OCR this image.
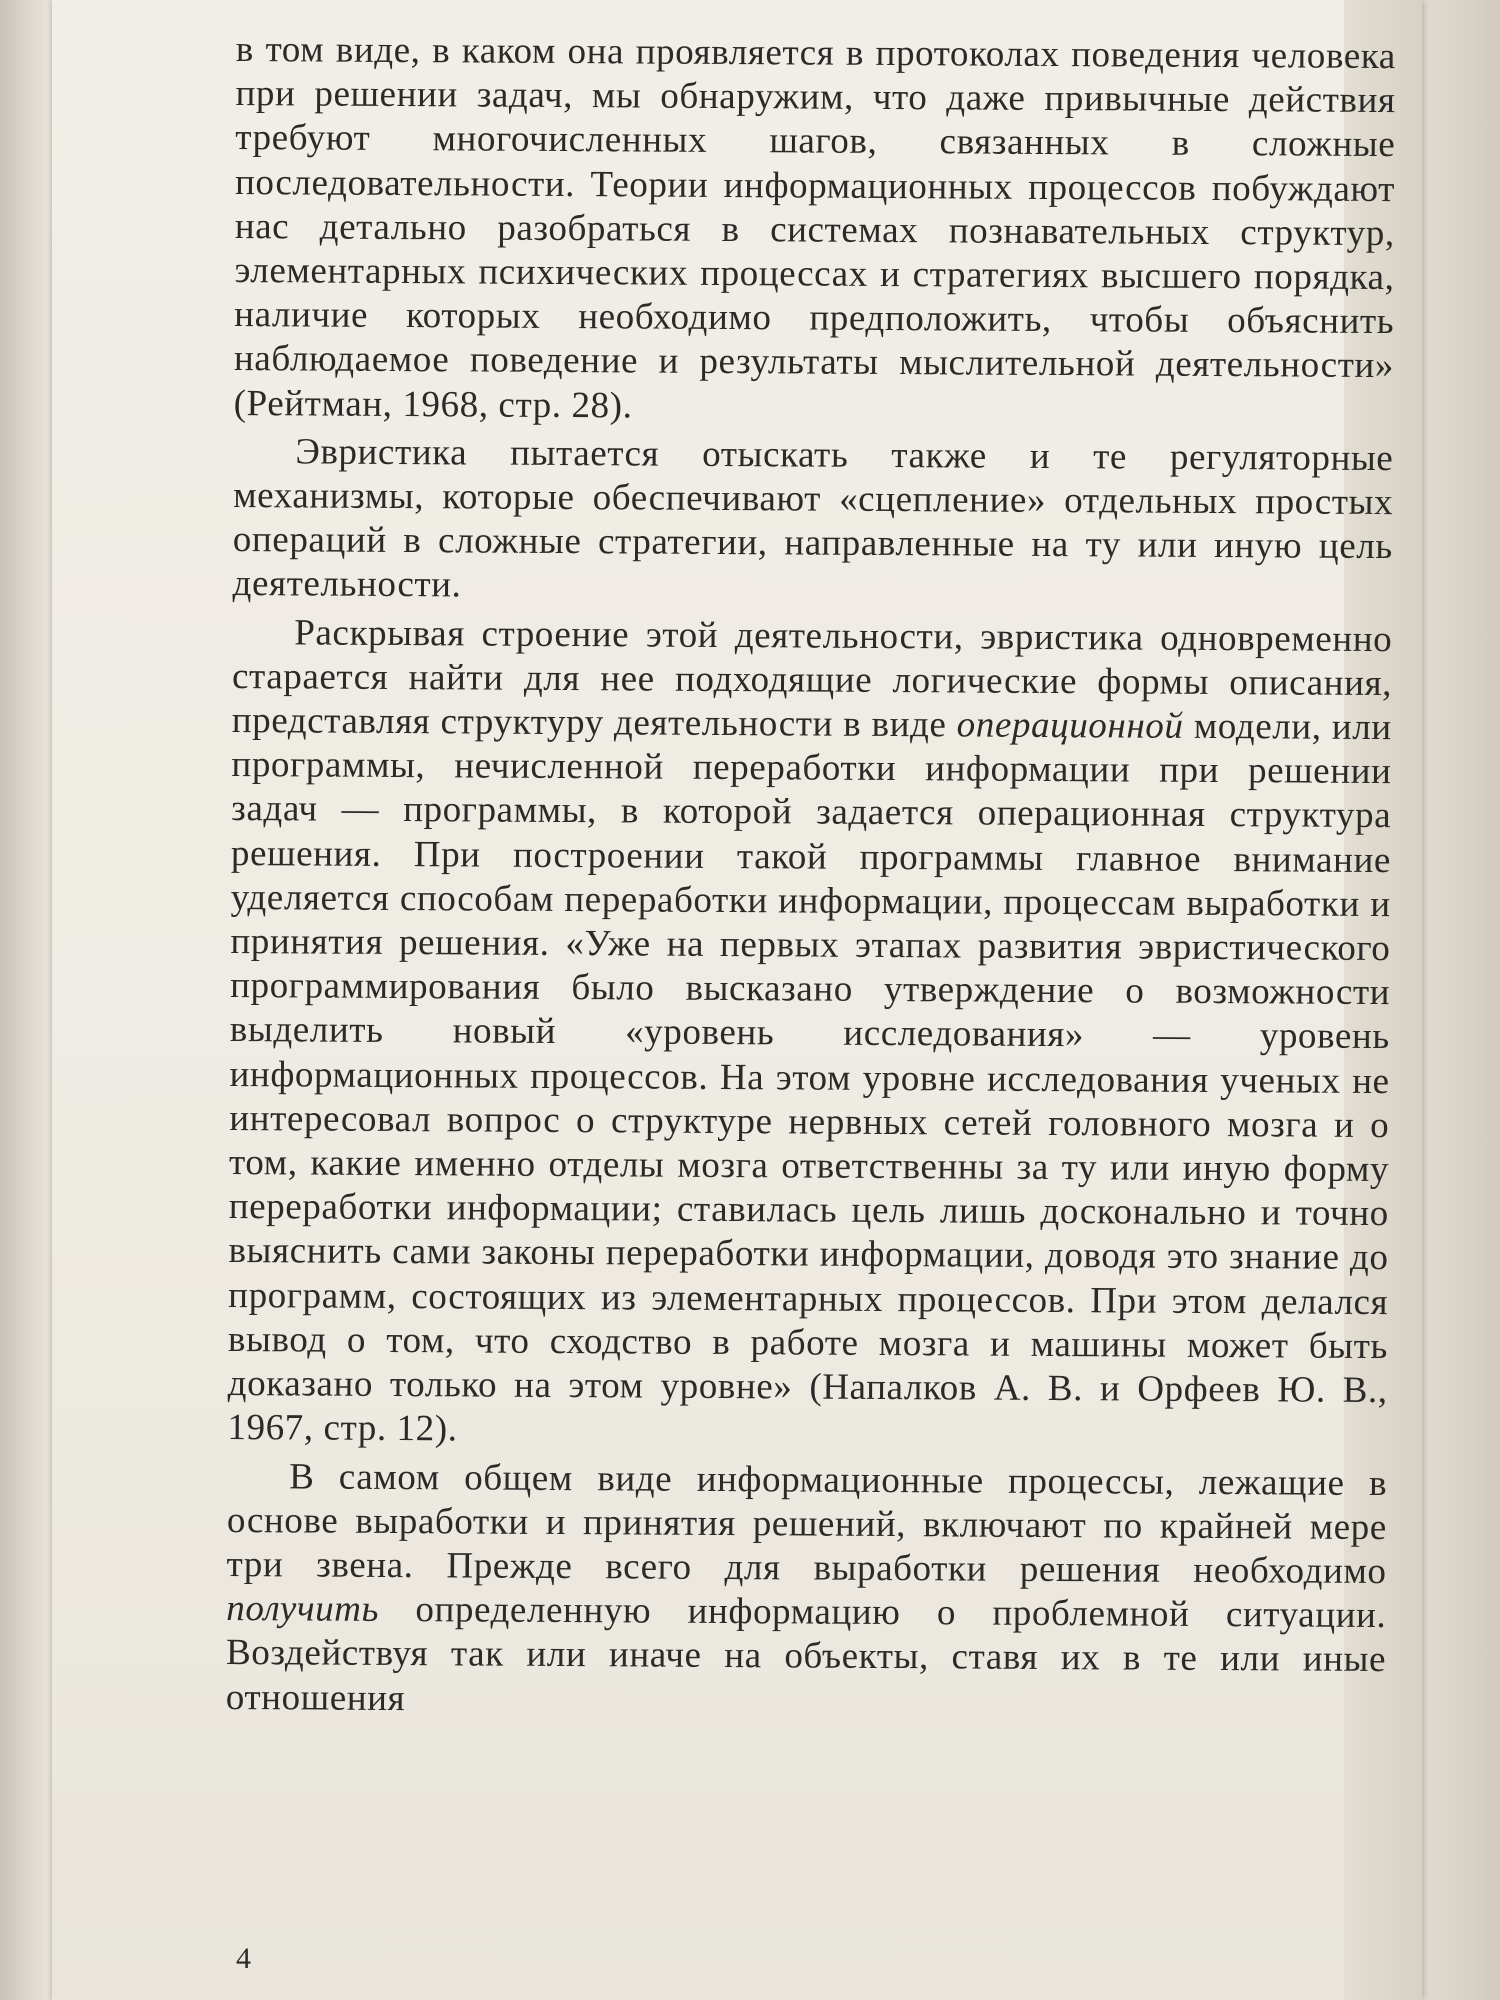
в том виде, в каком она проявляется в протоколах поведения человека при решении задач, мы обнаружим, что даже привычные действия требуют многочисленных шагов, связанных в сложные последовательности. Теории информационных процессов побуждают нас детально разобраться в системах познавательных структур, элементарных психических процессах и стратегиях высшего порядка, наличие которых необходимо предположить, чтобы объяснить наблюдаемое поведение и результаты мыслительной деятельности» (Рейтман, 1968, стр. 28).

Эвристика пытается отыскать также и те регуляторные механизмы, которые обеспечивают «сцепление» отдельных простых операций в сложные стратегии, направленные на ту или иную цель деятельности.

Раскрывая строение этой деятельности, эвристика одновременно старается найти для нее подходящие логические формы описания, представляя структуру деятельности в виде операционной модели, или программы, нечисленной переработки информации при решении задач — программы, в которой задается операционная структура решения. При построении такой программы главное внимание уделяется способам переработки информации, процессам выработки и принятия решения. «Уже на первых этапах развития эвристического программирования было высказано утверждение о возможности выделить новый «уровень исследования» — уровень информационных процессов. На этом уровне исследования ученых не интересовал вопрос о структуре нервных сетей головного мозга и о том, какие именно отделы мозга ответственны за ту или иную форму переработки информации; ставилась цель лишь досконально и точно выяснить сами законы переработки информации, доводя это знание до программ, состоящих из элементарных процессов. При этом делался вывод о том, что сходство в работе мозга и машины может быть доказано только на этом уровне» (Напалков А. В. и Орфеев Ю. В., 1967, стр. 12).

В самом общем виде информационные процессы, лежащие в основе выработки и принятия решений, включают по крайней мере три звена. Прежде всего для выработки решения необходимо получить определенную информацию о проблемной ситуации. Воздействуя так или иначе на объекты, ставя их в те или иные отношения

4
